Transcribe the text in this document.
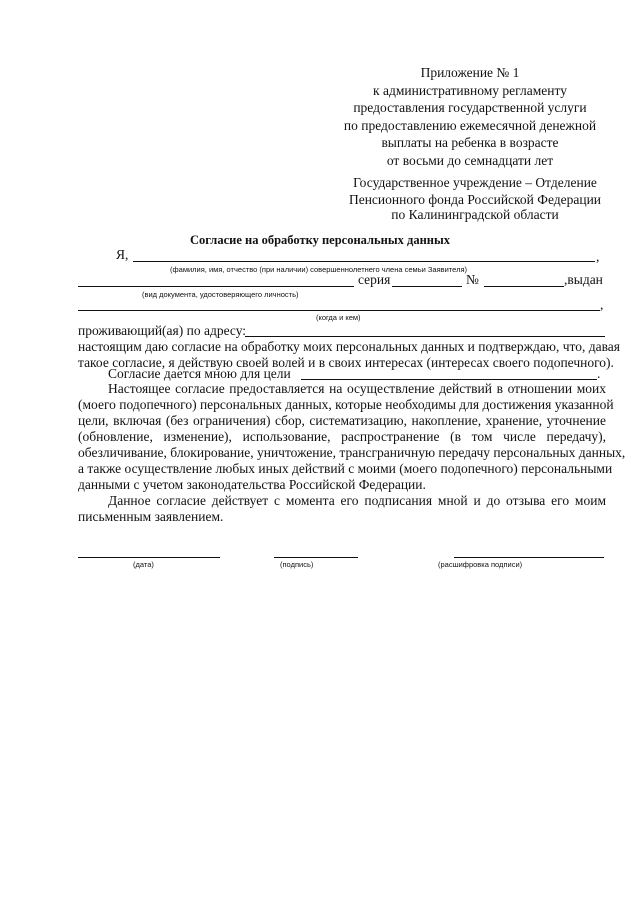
Приложение № 1
к административному регламенту
предоставления государственной услуги
по предоставлению ежемесячной денежной
выплаты на ребенка в возрасте
от восьми до семнадцати лет
Государственное учреждение – Отделение
Пенсионного фонда Российской Федерации
по Калининградской области
Согласие на обработку персональных данных
Я,	,
(фамилия, имя, отчество (при наличии) совершеннолетнего члена семьи Заявителя)
серия	№	,выдан
(вид документа, удостоверяющего личность)
,
(когда и кем)
проживающий(ая) по адресу:
настоящим даю согласие на обработку моих персональных данных и подтверждаю, что, давая
такое согласие, я действую своей волей и в своих интересах (интересах своего подопечного).
Согласие дается мною для цели	.
Настоящее согласие предоставляется на осуществление действий в отношении моих
(моего подопечного) персональных данных, которые необходимы для достижения указанной
цели, включая (без ограничения) сбор, систематизацию, накопление, хранение, уточнение
(обновление, изменение), использование, распространение (в том числе передачу),
обезличивание, блокирование, уничтожение, трансграничную передачу персональных данных,
а также осуществление любых иных действий с моими (моего подопечного) персональными
данными с учетом законодательства Российской Федерации.
Данное согласие действует с момента его подписания мной и до отзыва его моим
письменным заявлением.
(дата)	(подпись)	(расшифровка подписи)
